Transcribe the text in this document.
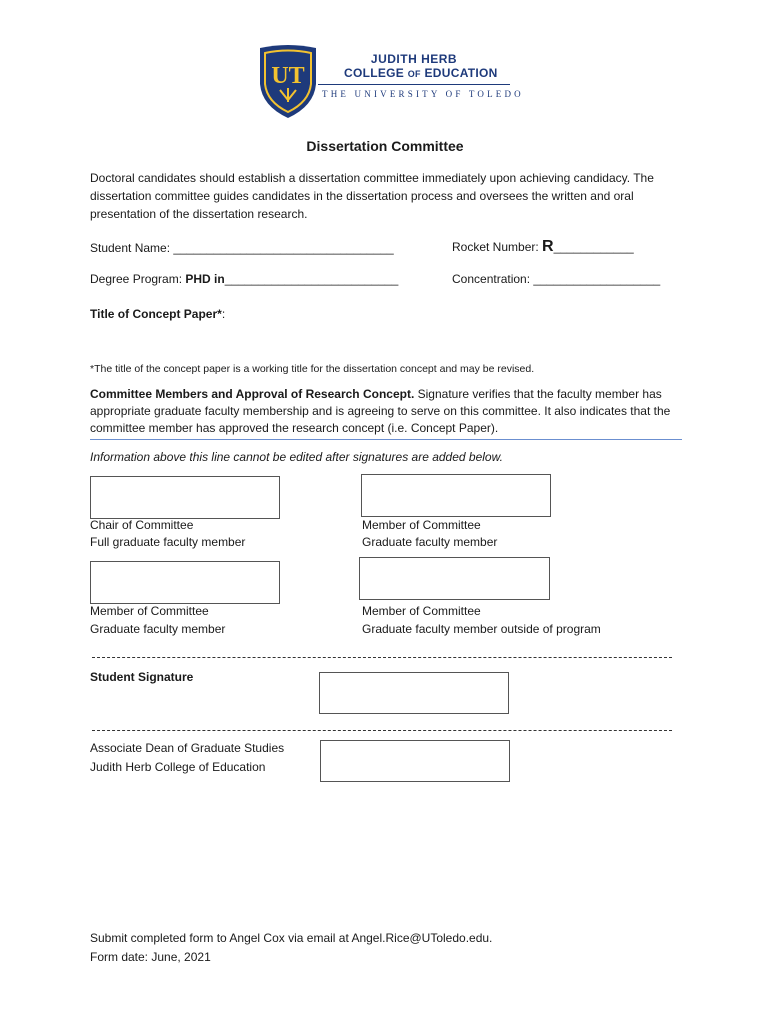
UT
JUDITH HERB
COLLEGE OF EDUCATION
THE UNIVERSITY OF TOLEDO
Dissertation Committee
Doctoral candidates should establish a dissertation committee immediately upon achieving candidacy. The dissertation committee guides candidates in the dissertation process and oversees the written and oral presentation of the dissertation research.
Student Name: _________________________________	Rocket Number: R____________
Degree Program: PHD in__________________________	Concentration: ___________________
Title of Concept Paper*:
*The title of the concept paper is a working title for the dissertation concept and may be revised.
Committee Members and Approval of Research Concept. Signature verifies that the faculty member has appropriate graduate faculty membership and is agreeing to serve on this committee. It also indicates that the committee member has approved the research concept (i.e. Concept Paper).
Information above this line cannot be edited after signatures are added below.
Chair of Committee
Full graduate faculty member
Member of Committee
Graduate faculty member
Member of Committee
Graduate faculty member
Member of Committee
Graduate faculty member outside of program
Student Signature
Associate Dean of Graduate Studies
Judith Herb College of Education
Submit completed form to Angel Cox via email at Angel.Rice@UToledo.edu.
Form date: June, 2021
